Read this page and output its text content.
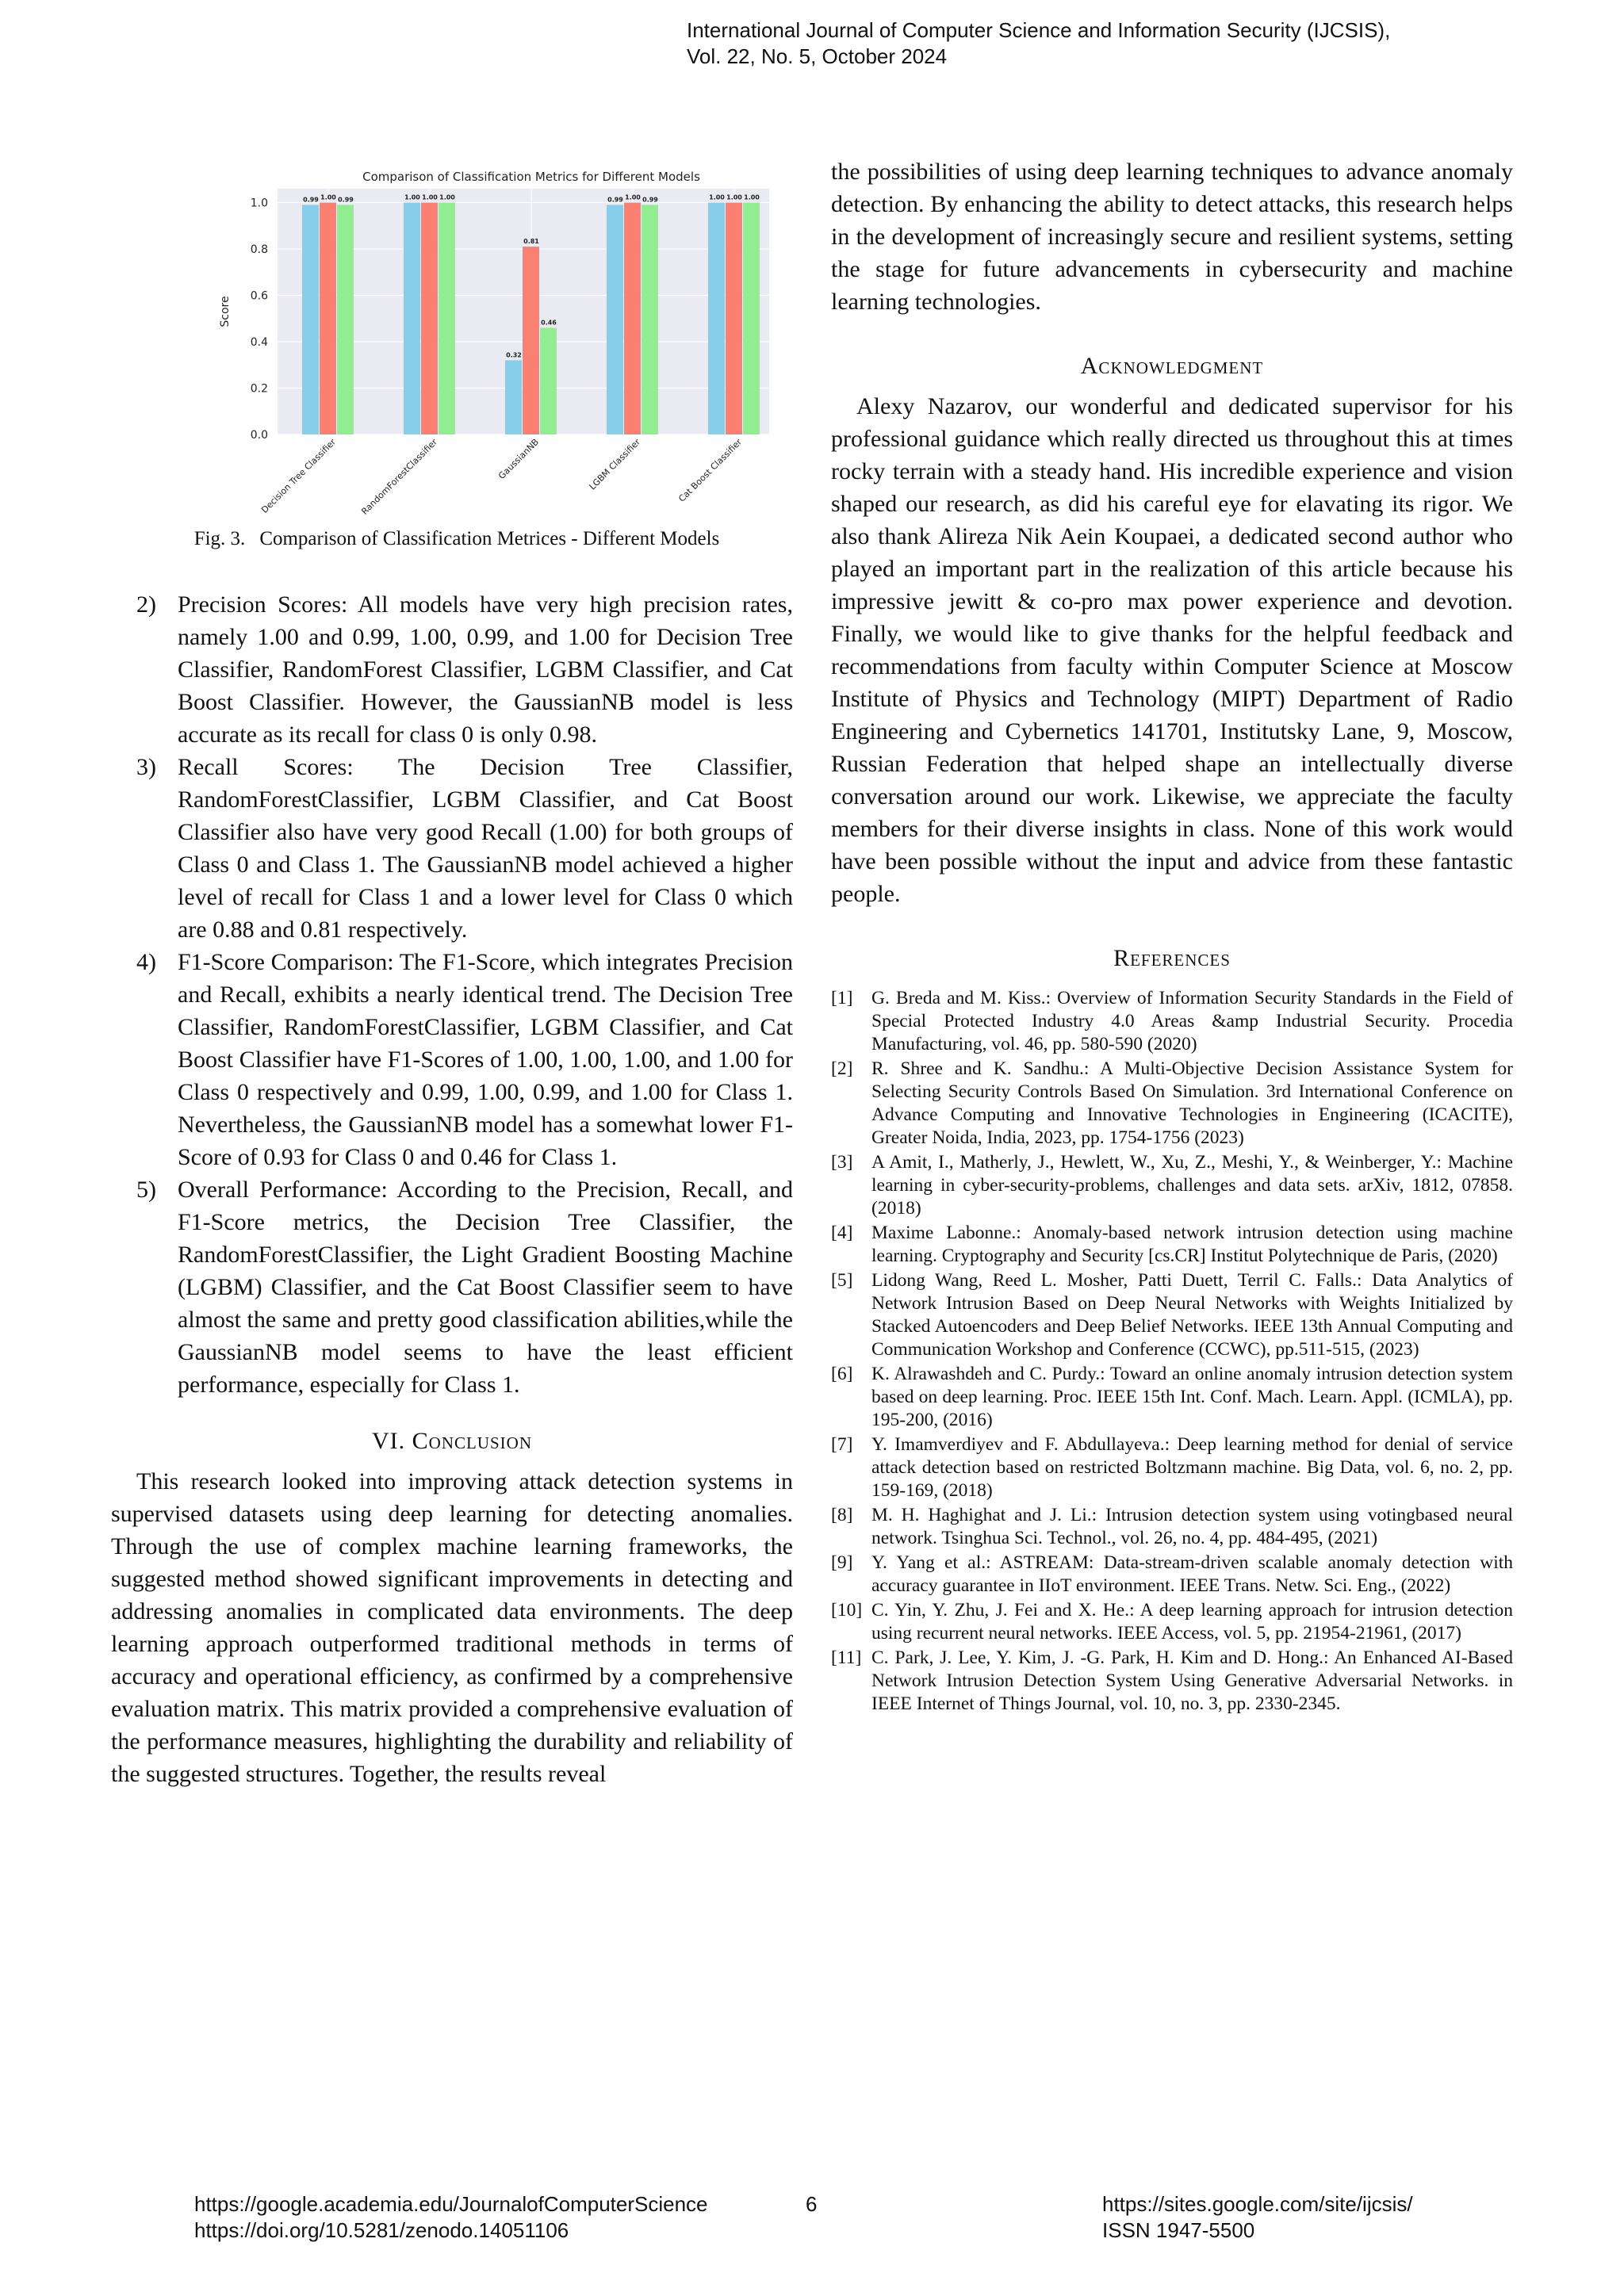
International Journal of Computer Science and Information Security (IJCSIS),
Vol. 22, No. 5, October 2024
Comparison of Classification Metrics for Different Models
0.0
0.2
0.4
0.6
0.8
1.0
Score
0.99	1.00
0.32
0.99	1.00
1.00	1.00
0.81
1.00	1.00
0.99	1.00
0.46
0.99	1.00
Decision Tree Classifier RandomForestClassifier	GaussianNB	LGBM Classifier	Cat Boost Classifier
Fig. 3. Comparison of Classification Metrices - Different Models
2) Precision Scores: All models have very high precision rates, namely 1.00 and 0.99, 1.00, 0.99, and 1.00 for Decision Tree Classifier, RandomForest Classifier, LGBM Classifier, and Cat Boost Classifier. However, the GaussianNB model is less accurate as its recall for class 0 is only 0.98.
3) Recall Scores: The Decision Tree Classifier, RandomForestClassifier, LGBM Classifier, and Cat Boost Classifier also have very good Recall (1.00) for both groups of Class 0 and Class 1. The GaussianNB model achieved a higher level of recall for Class 1 and a lower level for Class 0 which are 0.88 and 0.81 respectively.
4) F1-Score Comparison: The F1-Score, which integrates Precision and Recall, exhibits a nearly identical trend. The Decision Tree Classifier, RandomForestClassifier, LGBM Classifier, and Cat Boost Classifier have F1-Scores of 1.00, 1.00, 1.00, and 1.00 for Class 0 respectively and 0.99, 1.00, 0.99, and 1.00 for Class 1. Nevertheless, the GaussianNB model has a somewhat lower F1-Score of 0.93 for Class 0 and 0.46 for Class 1.
5) Overall Performance: According to the Precision, Recall, and F1-Score metrics, the Decision Tree Classifier, the RandomForestClassifier, the Light Gradient Boosting Machine (LGBM) Classifier, and the Cat Boost Classifier seem to have almost the same and pretty good classification abilities,while the GaussianNB model seems to have the least efficient performance, especially for Class 1.
VI. Conclusion

This research looked into improving attack detection systems in supervised datasets using deep learning for detecting anomalies. Through the use of complex machine learning frameworks, the suggested method showed significant improvements in detecting and addressing anomalies in complicated data environments. The deep learning approach outperformed traditional methods in terms of accuracy and operational efficiency, as confirmed by a comprehensive evaluation matrix. This matrix provided a comprehensive evaluation of the performance measures, highlighting the durability and reliability of the suggested structures. Together, the results reveal

the possibilities of using deep learning techniques to advance anomaly detection. By enhancing the ability to detect attacks, this research helps in the development of increasingly secure and resilient systems, setting the stage for future advancements in cybersecurity and machine learning technologies.

Acknowledgment

Alexy Nazarov, our wonderful and dedicated supervisor for his professional guidance which really directed us throughout this at times rocky terrain with a steady hand. His incredible experience and vision shaped our research, as did his careful eye for elavating its rigor. We also thank Alireza Nik Aein Koupaei, a dedicated second author who played an important part in the realization of this article because his impressive jewitt & co-pro max power experience and devotion. Finally, we would like to give thanks for the helpful feedback and recommendations from faculty within Computer Science at Moscow Institute of Physics and Technology (MIPT) Department of Radio Engineering and Cybernetics 141701, Institutsky Lane, 9, Moscow, Russian Federation that helped shape an intellectually diverse conversation around our work. Likewise, we appreciate the faculty members for their diverse insights in class. None of this work would have been possible without the input and advice from these fantastic people.

References
[1] G. Breda and M. Kiss.: Overview of Information Security Standards in the Field of Special Protected Industry 4.0 Areas &amp Industrial Security. Procedia Manufacturing, vol. 46, pp. 580-590 (2020)
[2] R. Shree and K. Sandhu.: A Multi-Objective Decision Assistance System for Selecting Security Controls Based On Simulation. 3rd International Conference on Advance Computing and Innovative Technologies in Engineering (ICACITE), Greater Noida, India, 2023, pp. 1754-1756 (2023)
[3] A Amit, I., Matherly, J., Hewlett, W., Xu, Z., Meshi, Y., & Weinberger, Y.: Machine learning in cyber-security-problems, challenges and data sets. arXiv, 1812, 07858. (2018)
[4] Maxime Labonne.: Anomaly-based network intrusion detection using machine learning. Cryptography and Security [cs.CR] Institut Polytechnique de Paris, (2020)
[5] Lidong Wang, Reed L. Mosher, Patti Duett, Terril C. Falls.: Data Analytics of Network Intrusion Based on Deep Neural Networks with Weights Initialized by Stacked Autoencoders and Deep Belief Networks. IEEE 13th Annual Computing and Communication Workshop and Conference (CCWC), pp.511-515, (2023)
[6] K. Alrawashdeh and C. Purdy.: Toward an online anomaly intrusion detection system based on deep learning. Proc. IEEE 15th Int. Conf. Mach. Learn. Appl. (ICMLA), pp. 195-200, (2016)
[7] Y. Imamverdiyev and F. Abdullayeva.: Deep learning method for denial of service attack detection based on restricted Boltzmann machine. Big Data, vol. 6, no. 2, pp. 159-169, (2018)
[8] M. H. Haghighat and J. Li.: Intrusion detection system using votingbased neural network. Tsinghua Sci. Technol., vol. 26, no. 4, pp. 484-495, (2021)
[9] Y. Yang et al.: ASTREAM: Data-stream-driven scalable anomaly detection with accuracy guarantee in IIoT environment. IEEE Trans. Netw. Sci. Eng., (2022)
[10] C. Yin, Y. Zhu, J. Fei and X. He.: A deep learning approach for intrusion detection using recurrent neural networks. IEEE Access, vol. 5, pp. 21954-21961, (2017)
[11] C. Park, J. Lee, Y. Kim, J. -G. Park, H. Kim and D. Hong.: An Enhanced AI-Based Network Intrusion Detection System Using Generative Adversarial Networks. in IEEE Internet of Things Journal, vol. 10, no. 3, pp. 2330-2345.
https://google.academia.edu/JournalofComputerScience
https://doi.org/10.5281/zenodo.14051106
6	https://sites.google.com/site/ijcsis/
ISSN 1947-5500
